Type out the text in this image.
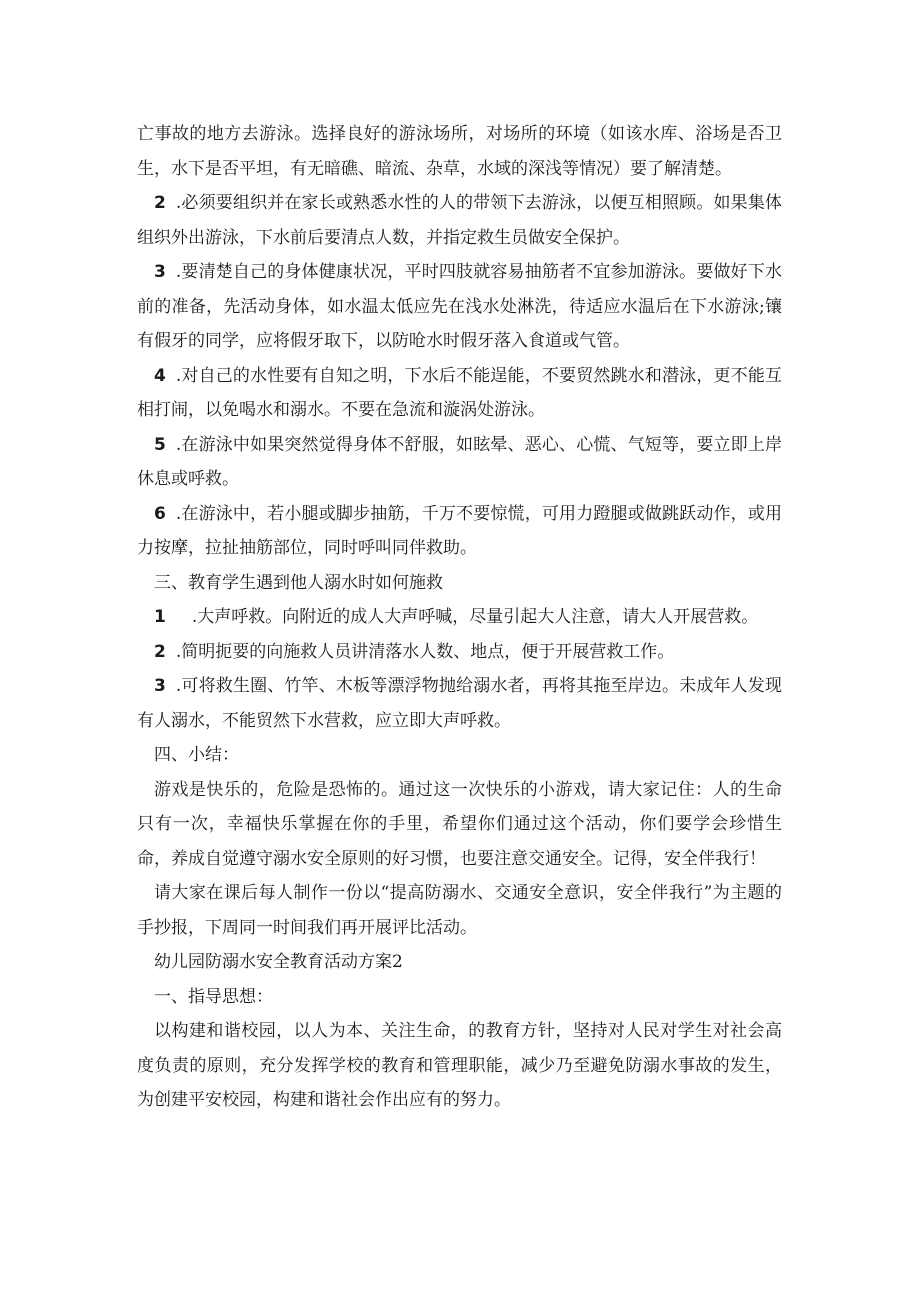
亡事故的地方去游泳。选择良好的游泳场所，对场所的环境（如该水库、浴场是否卫生，水下是否平坦，有无暗礁、暗流、杂草，水域的深浅等情况）要了解清楚。

2 .必须要组织并在家长或熟悉水性的人的带领下去游泳，以便互相照顾。如果集体组织外出游泳，下水前后要清点人数，并指定救生员做安全保护。

3 .要清楚自己的身体健康状况，平时四肢就容易抽筋者不宜参加游泳。要做好下水前的准备，先活动身体，如水温太低应先在浅水处淋洗，待适应水温后在下水游泳;镶有假牙的同学，应将假牙取下，以防呛水时假牙落入食道或气管。

4 .对自己的水性要有自知之明，下水后不能逞能，不要贸然跳水和潜泳，更不能互相打闹，以免喝水和溺水。不要在急流和漩涡处游泳。

5 .在游泳中如果突然觉得身体不舒服，如眩晕、恶心、心慌、气短等，要立即上岸休息或呼救。

6 .在游泳中，若小腿或脚步抽筋，千万不要惊慌，可用力蹬腿或做跳跃动作，或用力按摩，拉扯抽筋部位，同时呼叫同伴救助。

三、教育学生遇到他人溺水时如何施救

1 .大声呼救。向附近的成人大声呼喊，尽量引起大人注意，请大人开展营救。

2 .简明扼要的向施救人员讲清落水人数、地点，便于开展营救工作。

3 .可将救生圈、竹竿、木板等漂浮物抛给溺水者，再将其拖至岸边。未成年人发现有人溺水，不能贸然下水营救，应立即大声呼救。

四、小结：

游戏是快乐的，危险是恐怖的。通过这一次快乐的小游戏，请大家记住：人的生命只有一次，幸福快乐掌握在你的手里，希望你们通过这个活动，你们要学会珍惜生命，养成自觉遵守溺水安全原则的好习惯，也要注意交通安全。记得，安全伴我行！

请大家在课后每人制作一份以“提高防溺水、交通安全意识，安全伴我行”为主题的手抄报，下周同一时间我们再开展评比活动。

幼儿园防溺水安全教育活动方案2

一、指导思想：

以构建和谐校园，以人为本、关注生命，的教育方针，坚持对人民对学生对社会高度负责的原则，充分发挥学校的教育和管理职能，减少乃至避免防溺水事故的发生，为创建平安校园，构建和谐社会作出应有的努力。
